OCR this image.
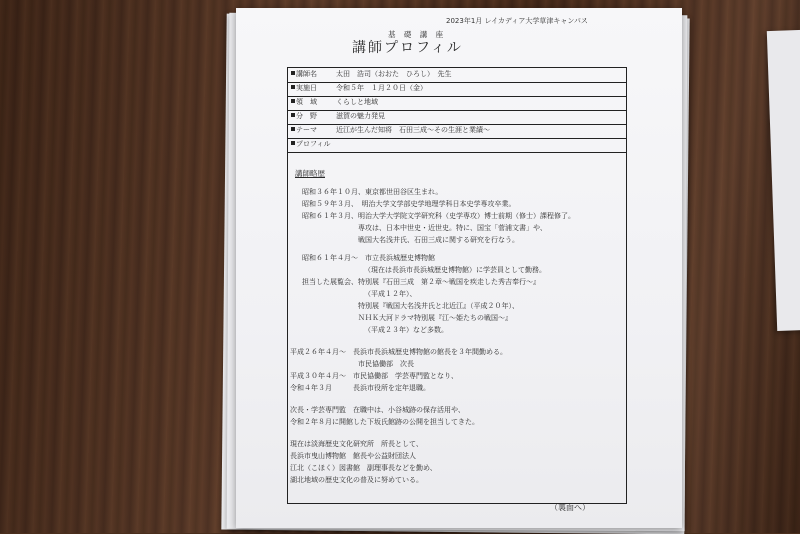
2023年1月 レイカディア大学草津キャンパス
基 礎 講 座
講師プロフィル
講師名	太田　浩司（おおた　ひろし）　先生
実施日	令和５年　１月２０日（金）
領　域	くらしと地域
分　野	滋賀の魅力発見
テーマ	近江が生んだ知将　石田三成～その生涯と業績～
プロフィル
講師略歴
昭和３６年１０月、東京都世田谷区生まれ。
昭和５９年３月、　明治大学文学部史学地理学科日本史学専攻卒業。
昭和６１年３月、明治大学大学院文学研究科（史学専攻）博士前期（修士）課程修了。
専攻は、日本中世史・近世史。特に、国宝「菅浦文書」や、
戦国大名浅井氏、石田三成に関する研究を行なう。
昭和６１年４月～　市立長浜城歴史博物館
（現在は長浜市長浜城歴史博物館）に学芸員として勤務。
担当した展覧会、特別展『石田三成　第２章～戦国を疾走した秀吉奉行～』
（平成１２年）、
特別展『戦国大名浅井氏と北近江』（平成２０年）、
ＮＨＫ大河ドラマ特別展『江～姫たちの戦国～』
（平成２３年）など多数。
平成２６年４月～　長浜市長浜城歴史博物館の館長を３年間勤める。
市民協働部　次長
平成３０年４月～　市民協働部　学芸専門監となり、
令和４年３月　　　長浜市役所を定年退職。
次長・学芸専門監　在職中は、小谷城跡の保存活用や、
令和２年８月に開館した下坂氏館跡の公開を担当してきた。
現在は淡海歴史文化研究所　所長として、
長浜市曳山博物館　館長や公益財団法人
江北（こほく）図書館　副理事長などを勤め、
湖北地域の歴史文化の普及に努めている。
（裏面へ）
